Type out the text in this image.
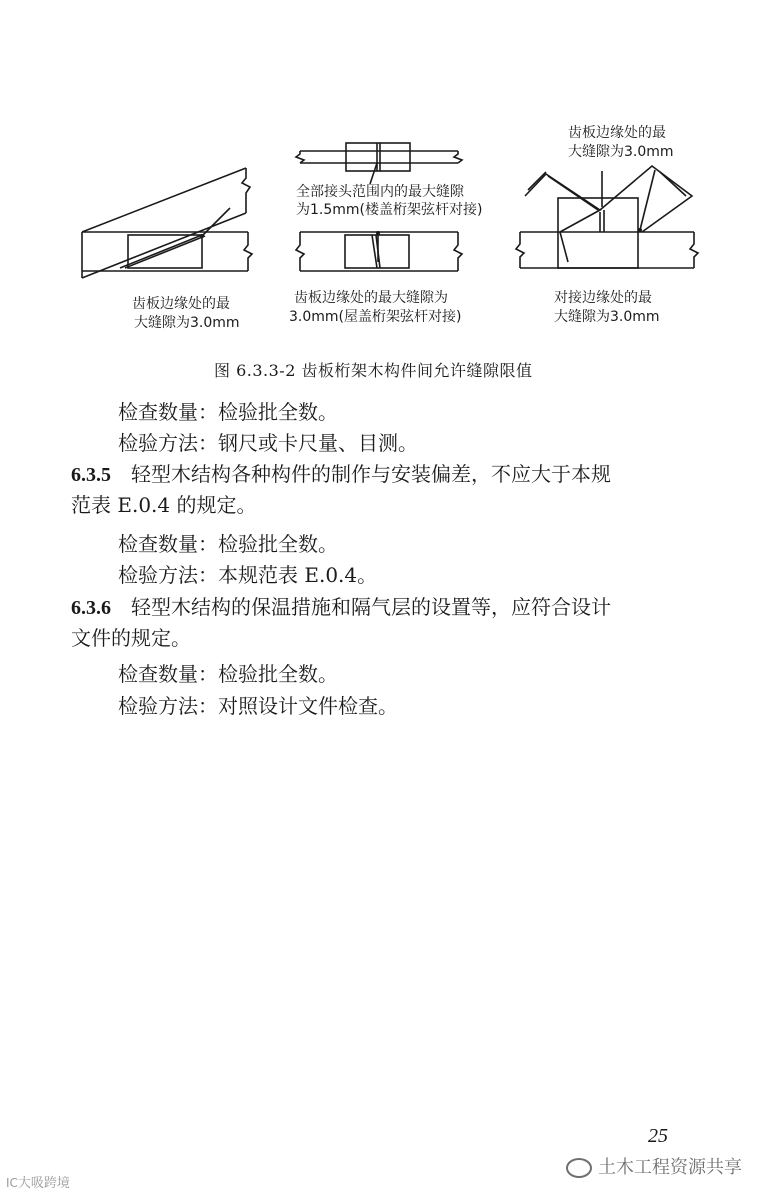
齿板边缘处的最
大缝隙为3.0mm
全部接头范围内的最大缝隙
为1.5mm(楼盖桁架弦杆对接)
齿板边缘处的最大缝隙为
3.0mm(屋盖桁架弦杆对接)
齿板边缘处的最
大缝隙为3.0mm
对接边缘处的最
大缝隙为3.0mm
图 6.3.3-2 齿板桁架木构件间允许缝隙限值
检查数量：检验批全数。
检验方法：钢尺或卡尺量、目测。
6.3.5 轻型木结构各种构件的制作与安装偏差，不应大于本规
范表 E.0.4 的规定。
检查数量：检验批全数。
检验方法：本规范表 E.0.4。
6.3.6 轻型木结构的保温措施和隔气层的设置等，应符合设计
文件的规定。
检查数量：检验批全数。
检验方法：对照设计文件检查。
25
IC大吸跨境
土木工程资源共享
